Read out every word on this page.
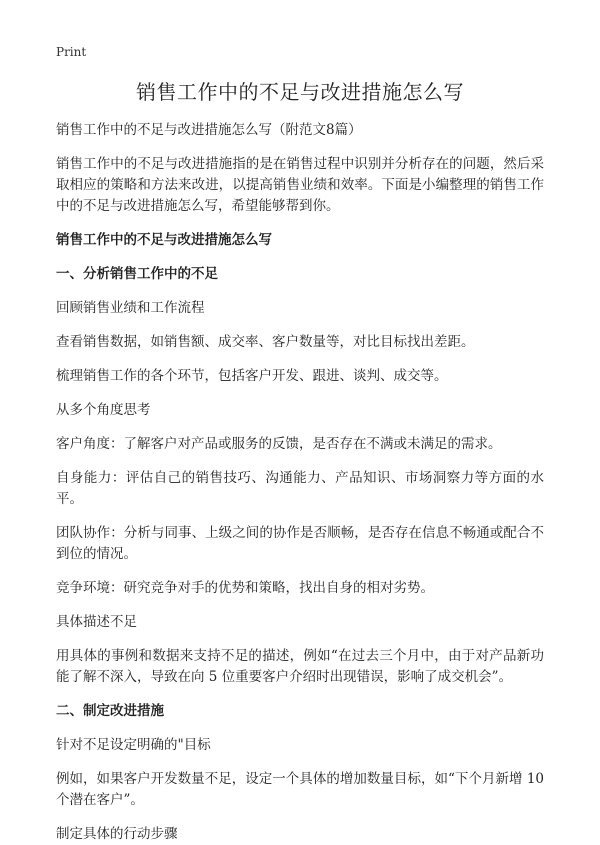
Print
销售工作中的不足与改进措施怎么写

销售工作中的不足与改进措施怎么写（附范文8篇）

销售工作中的不足与改进措施指的是在销售过程中识别并分析存在的问题，然后采取相应的策略和方法来改进，以提高销售业绩和效率。下面是小编整理的销售工作中的不足与改进措施怎么写，希望能够帮到你。

销售工作中的不足与改进措施怎么写

一、分析销售工作中的不足

回顾销售业绩和工作流程

查看销售数据，如销售额、成交率、客户数量等，对比目标找出差距。

梳理销售工作的各个环节，包括客户开发、跟进、谈判、成交等。

从多个角度思考

客户角度：了解客户对产品或服务的反馈，是否存在不满或未满足的需求。

自身能力：评估自己的销售技巧、沟通能力、产品知识、市场洞察力等方面的水平。

团队协作：分析与同事、上级之间的协作是否顺畅，是否存在信息不畅通或配合不到位的情况。

竞争环境：研究竞争对手的优势和策略，找出自身的相对劣势。

具体描述不足

用具体的事例和数据来支持不足的描述，例如“在过去三个月中，由于对产品新功能了解不深入，导致在向 5 位重要客户介绍时出现错误，影响了成交机会”。

二、制定改进措施

针对不足设定明确的"目标

例如，如果客户开发数量不足，设定一个具体的增加数量目标，如“下个月新增 10 个潜在客户”。

制定具体的行动步骤
